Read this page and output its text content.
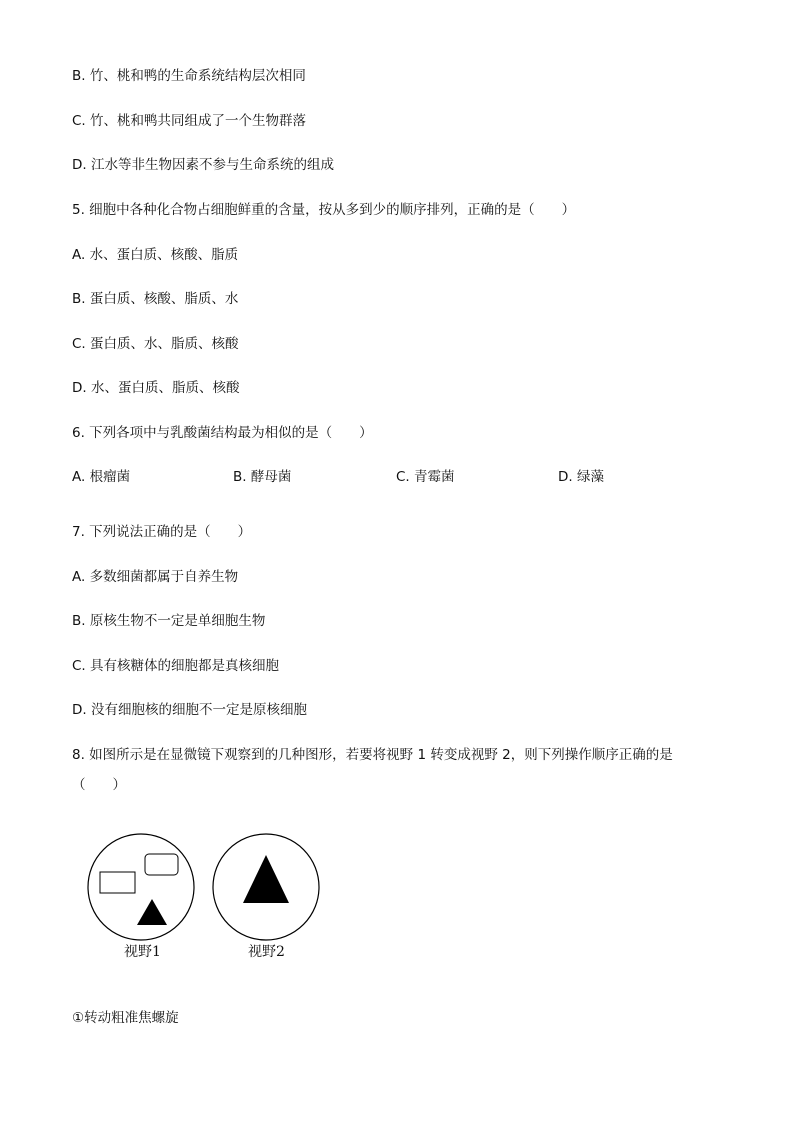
B. 竹、桃和鸭的生命系统结构层次相同
C. 竹、桃和鸭共同组成了一个生物群落
D. 江水等非生物因素不参与生命系统的组成
5. 细胞中各种化合物占细胞鲜重的含量，按从多到少的顺序排列，正确的是（　　）
A. 水、蛋白质、核酸、脂质
B. 蛋白质、核酸、脂质、水
C. 蛋白质、水、脂质、核酸
D. 水、蛋白质、脂质、核酸
6. 下列各项中与乳酸菌结构最为相似的是（　　）
A. 根瘤菌	B. 酵母菌	C. 青霉菌	D. 绿藻
7. 下列说法正确的是（　　）
A. 多数细菌都属于自养生物
B. 原核生物不一定是单细胞生物
C. 具有核糖体的细胞都是真核细胞
D. 没有细胞核的细胞不一定是原核细胞
8. 如图所示是在显微镜下观察到的几种图形，若要将视野 1 转变成视野 2，则下列操作顺序正确的是
（　　）
视野1	视野2
①转动粗准焦螺旋
